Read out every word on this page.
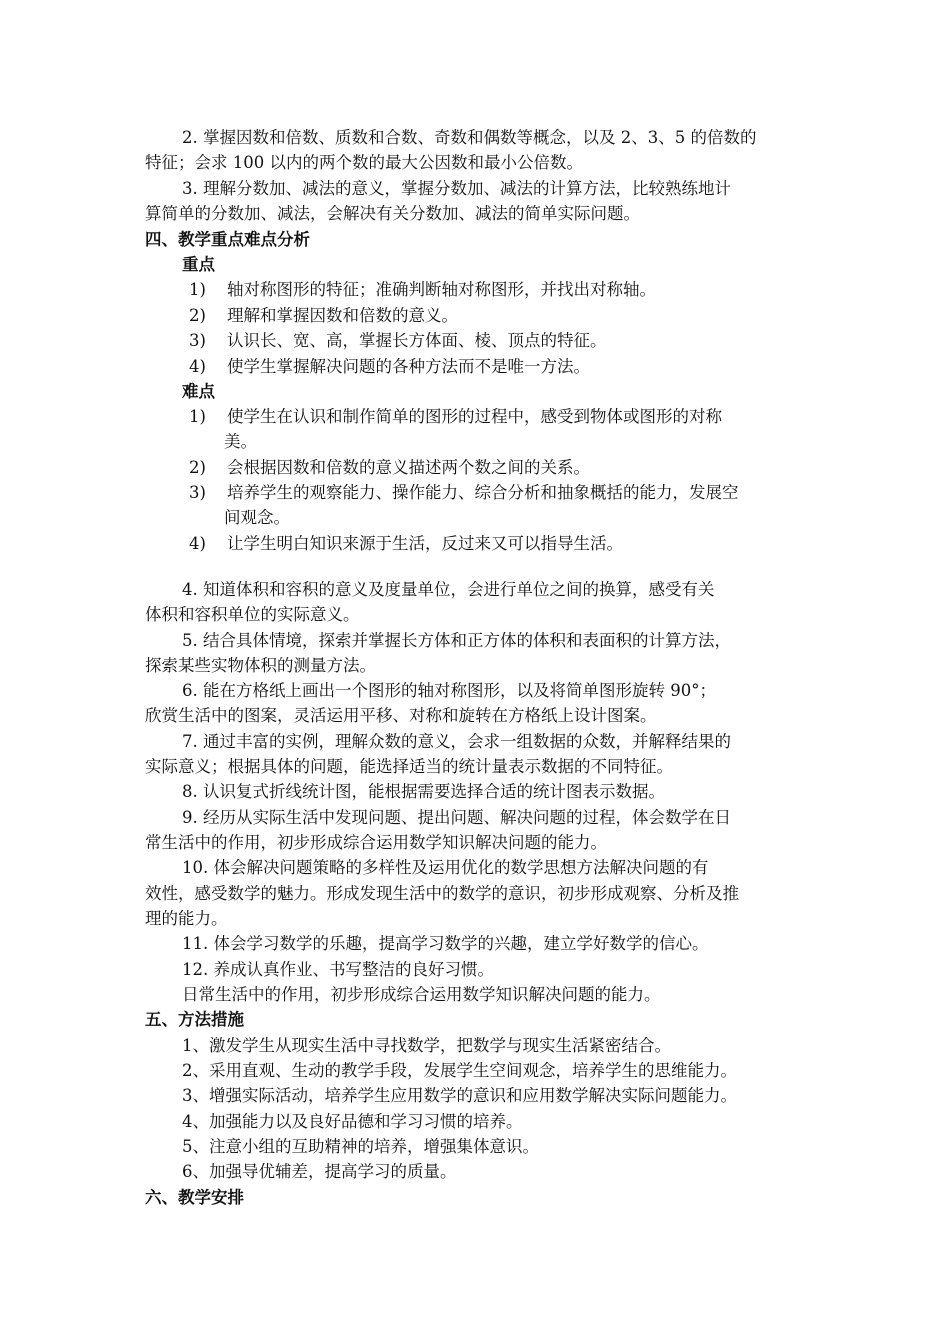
2. 掌握因数和倍数、质数和合数、奇数和偶数等概念，以及 2、3、5 的倍数的
特征；会求 100 以内的两个数的最大公因数和最小公倍数。
3. 理解分数加、减法的意义，掌握分数加、减法的计算方法，比较熟练地计
算简单的分数加、减法，会解决有关分数加、减法的简单实际问题。
四、教学重点难点分析
重点
1) 轴对称图形的特征；准确判断轴对称图形，并找出对称轴。
2) 理解和掌握因数和倍数的意义。
3) 认识长、宽、高，掌握长方体面、棱、顶点的特征。
4) 使学生掌握解决问题的各种方法而不是唯一方法。
难点
1) 使学生在认识和制作简单的图形的过程中，感受到物体或图形的对称
美。
2) 会根据因数和倍数的意义描述两个数之间的关系。
3) 培养学生的观察能力、操作能力、综合分析和抽象概括的能力，发展空
间观念。
4) 让学生明白知识来源于生活，反过来又可以指导生活。
4. 知道体积和容积的意义及度量单位，会进行单位之间的换算，感受有关
体积和容积单位的实际意义。
5. 结合具体情境，探索并掌握长方体和正方体的体积和表面积的计算方法，
探索某些实物体积的测量方法。
6. 能在方格纸上画出一个图形的轴对称图形，以及将简单图形旋转 90°；
欣赏生活中的图案，灵活运用平移、对称和旋转在方格纸上设计图案。
7. 通过丰富的实例，理解众数的意义，会求一组数据的众数，并解释结果的
实际意义；根据具体的问题，能选择适当的统计量表示数据的不同特征。
8. 认识复式折线统计图，能根据需要选择合适的统计图表示数据。
9. 经历从实际生活中发现问题、提出问题、解决问题的过程，体会数学在日
常生活中的作用，初步形成综合运用数学知识解决问题的能力。
10. 体会解决问题策略的多样性及运用优化的数学思想方法解决问题的有
效性，感受数学的魅力。形成发现生活中的数学的意识，初步形成观察、分析及推
理的能力。
11. 体会学习数学的乐趣，提高学习数学的兴趣，建立学好数学的信心。
12. 养成认真作业、书写整洁的良好习惯。
日常生活中的作用，初步形成综合运用数学知识解决问题的能力。
五、方法措施
1、激发学生从现实生活中寻找数学，把数学与现实生活紧密结合。
2、采用直观、生动的教学手段，发展学生空间观念，培养学生的思维能力。
3、增强实际活动，培养学生应用数学的意识和应用数学解决实际问题能力。
4、加强能力以及良好品德和学习习惯的培养。
5、注意小组的互助精神的培养，增强集体意识。
6、加强导优辅差，提高学习的质量。
六、教学安排
